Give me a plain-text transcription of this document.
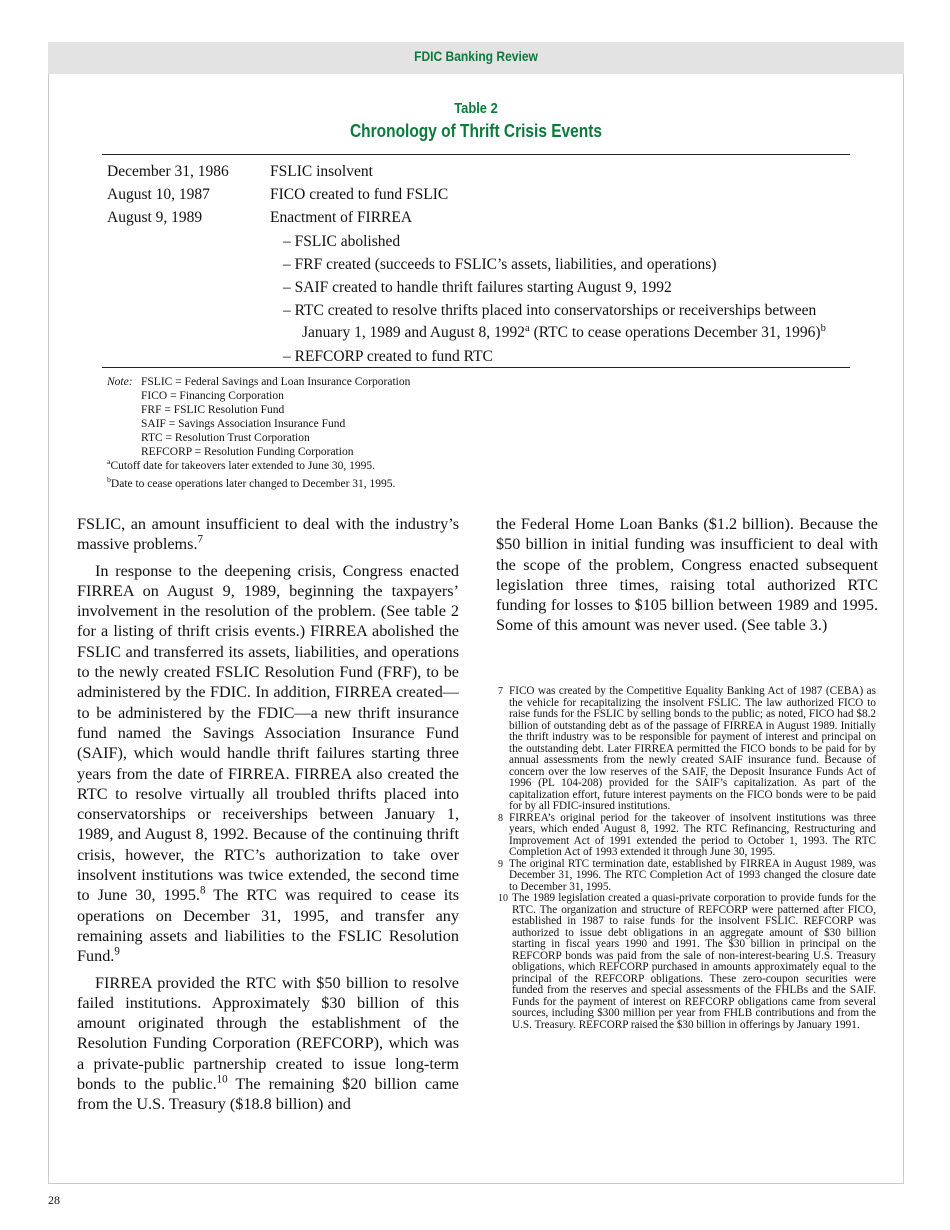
FDIC Banking Review
Table 2
Chronology of Thrift Crisis Events
December 31, 1986	FSLIC insolvent
August 10, 1987	FICO created to fund FSLIC
August 9, 1989	Enactment of FIRREA
– FSLIC abolished
– FRF created (succeeds to FSLIC’s assets, liabilities, and operations)
– SAIF created to handle thrift failures starting August 9, 1992
– RTC created to resolve thrifts placed into conservatorships or receiverships between
January 1, 1989 and August 8, 1992$^a$ (RTC to cease operations December 31, 1996)$^b$
– REFCORP created to fund RTC
Note: FSLIC = Federal Savings and Loan Insurance Corporation
FICO = Financing Corporation
FRF = FSLIC Resolution Fund
SAIF = Savings Association Insurance Fund
RTC = Resolution Trust Corporation
REFCORP = Resolution Funding Corporation
$^a$Cutoff date for takeovers later extended to June 30, 1995.
$^b$Date to cease operations later changed to December 31, 1995.

FSLIC, an amount insufficient to deal with the industry’s massive problems.$^7$

In response to the deepening crisis, Congress enacted FIRREA on August 9, 1989, beginning the taxpayers’ involvement in the resolution of the problem. (See table 2 for a listing of thrift crisis events.) FIRREA abolished the FSLIC and transferred its assets, liabilities, and operations to the newly created FSLIC Resolution Fund (FRF), to be administered by the FDIC. In addition, FIRREA created—to be administered by the FDIC—a new thrift insurance fund named the Savings Association Insurance Fund (SAIF), which would handle thrift failures starting three years from the date of FIRREA. FIRREA also created the RTC to resolve virtually all troubled thrifts placed into conservatorships or receiverships between January 1, 1989, and August 8, 1992. Because of the continuing thrift crisis, however, the RTC’s authorization to take over insolvent institutions was twice extended, the second time to June 30, 1995.$^8$ The RTC was required to cease its operations on December 31, 1995, and transfer any remaining assets and liabilities to the FSLIC Resolution Fund.$^9$

FIRREA provided the RTC with $50 billion to resolve failed institutions. Approximately $30 billion of this amount originated through the establishment of the Resolution Funding Corporation (REFCORP), which was a private-public partnership created to issue long-term bonds to the public.$^{10}$ The remaining $20 billion came from the U.S. Treasury ($18.8 billion) and

the Federal Home Loan Banks ($1.2 billion). Because the $50 billion in initial funding was insufficient to deal with the scope of the problem, Congress enacted subsequent legislation three times, raising total authorized RTC funding for losses to $105 billion between 1989 and 1995. Some of this amount was never used. (See table 3.)

7 FICO was created by the Competitive Equality Banking Act of 1987 (CEBA) as the vehicle for recapitalizing the insolvent FSLIC. The law authorized FICO to raise funds for the FSLIC by selling bonds to the public; as noted, FICO had $8.2 billion of outstanding debt as of the passage of FIRREA in August 1989. Initially the thrift industry was to be responsible for payment of interest and principal on the outstanding debt. Later FIRREA permitted the FICO bonds to be paid for by annual assessments from the newly created SAIF insurance fund. Because of concern over the low reserves of the SAIF, the Deposit Insurance Funds Act of 1996 (PL 104-208) provided for the SAIF’s capitalization. As part of the capitalization effort, future interest payments on the FICO bonds were to be paid for by all FDIC-insured institutions.
8 FIRREA’s original period for the takeover of insolvent institutions was three years, which ended August 8, 1992. The RTC Refinancing, Restructuring and Improvement Act of 1991 extended the period to October 1, 1993. The RTC Completion Act of 1993 extended it through June 30, 1995.
9 The original RTC termination date, established by FIRREA in August 1989, was December 31, 1996. The RTC Completion Act of 1993 changed the closure date to December 31, 1995.
10 The 1989 legislation created a quasi-private corporation to provide funds for the RTC. The organization and structure of REFCORP were patterned after FICO, established in 1987 to raise funds for the insolvent FSLIC. REFCORP was authorized to issue debt obligations in an aggregate amount of $30 billion starting in fiscal years 1990 and 1991. The $30 billion in principal on the REFCORP bonds was paid from the sale of non-interest-bearing U.S. Treasury obligations, which REFCORP purchased in amounts approximately equal to the principal of the REFCORP obligations. These zero-coupon securities were funded from the reserves and special assessments of the FHLBs and the SAIF. Funds for the payment of interest on REFCORP obligations came from several sources, including $300 million per year from FHLB contributions and from the U.S. Treasury. REFCORP raised the $30 billion in offerings by January 1991.
28
